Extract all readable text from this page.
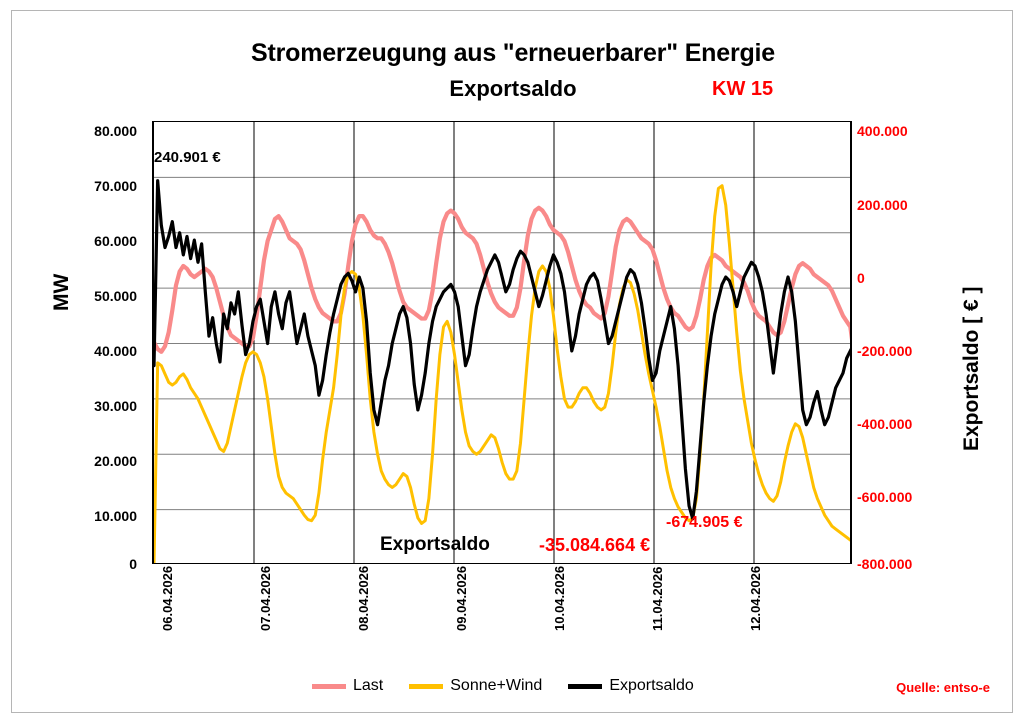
Stromerzeugung aus "erneuerbarer" Energie
Exportsaldo	KW 15
MW	Exportsaldo [ € ]
80.000
70.000
60.000
50.000
40.000
30.000
20.000
10.000
0
400.000
200.000
0
-200.000
-400.000
-600.000
-800.000
06.04.2026	07.04.2026	08.04.2026	09.04.2026	10.04.2026	11.04.2026	12.04.2026
240.901 €
Exportsaldo	-35.084.664 €
-674.905 €
Last	Sonne+Wind	Exportsaldo	Quelle: entso-e
